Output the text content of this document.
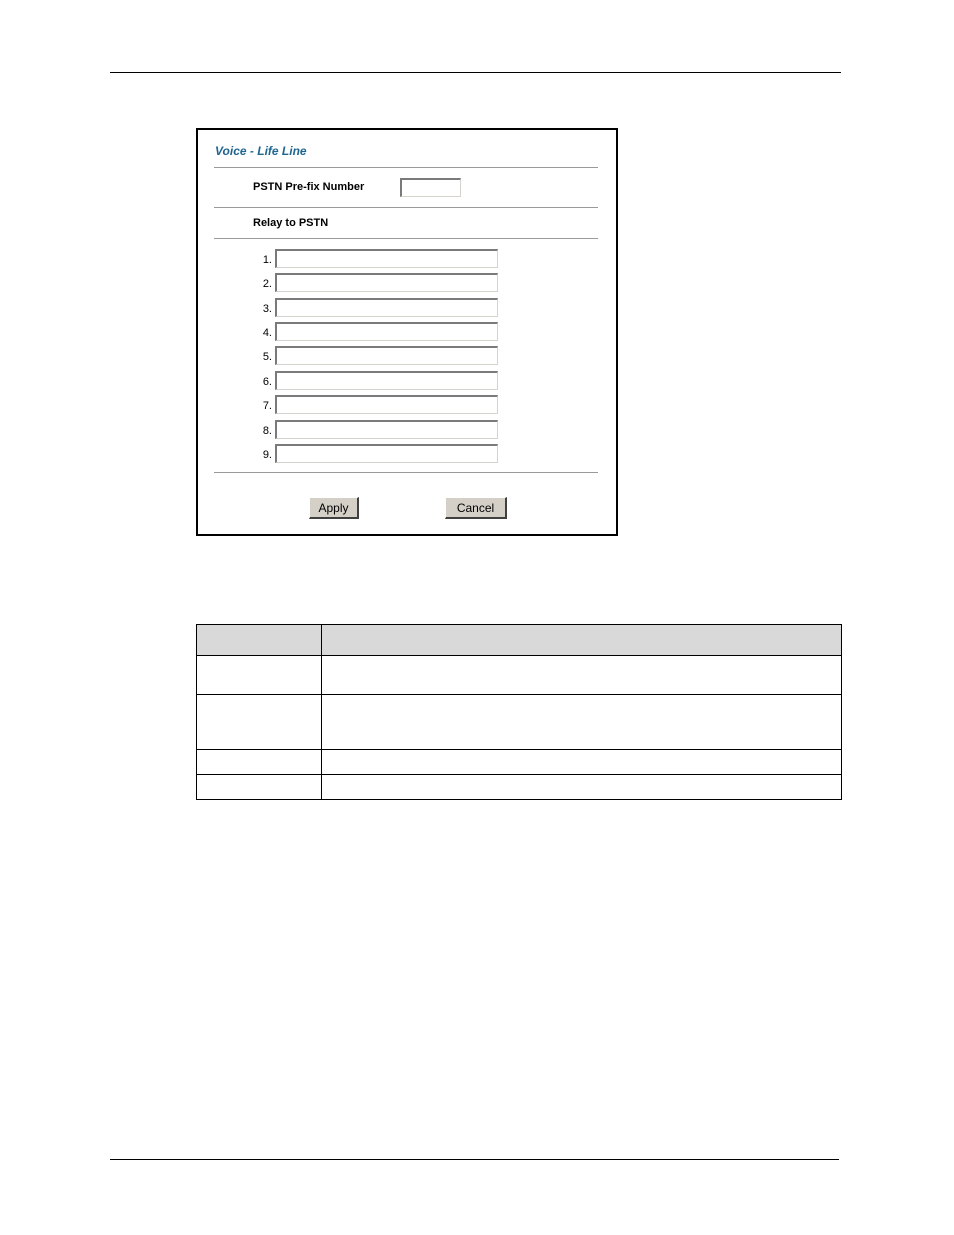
Voice - Life Line
PSTN Pre-fix Number
Relay to PSTN
1.
2.
3.
4.
5.
6.
7.
8.
9.
Apply	Cancel
